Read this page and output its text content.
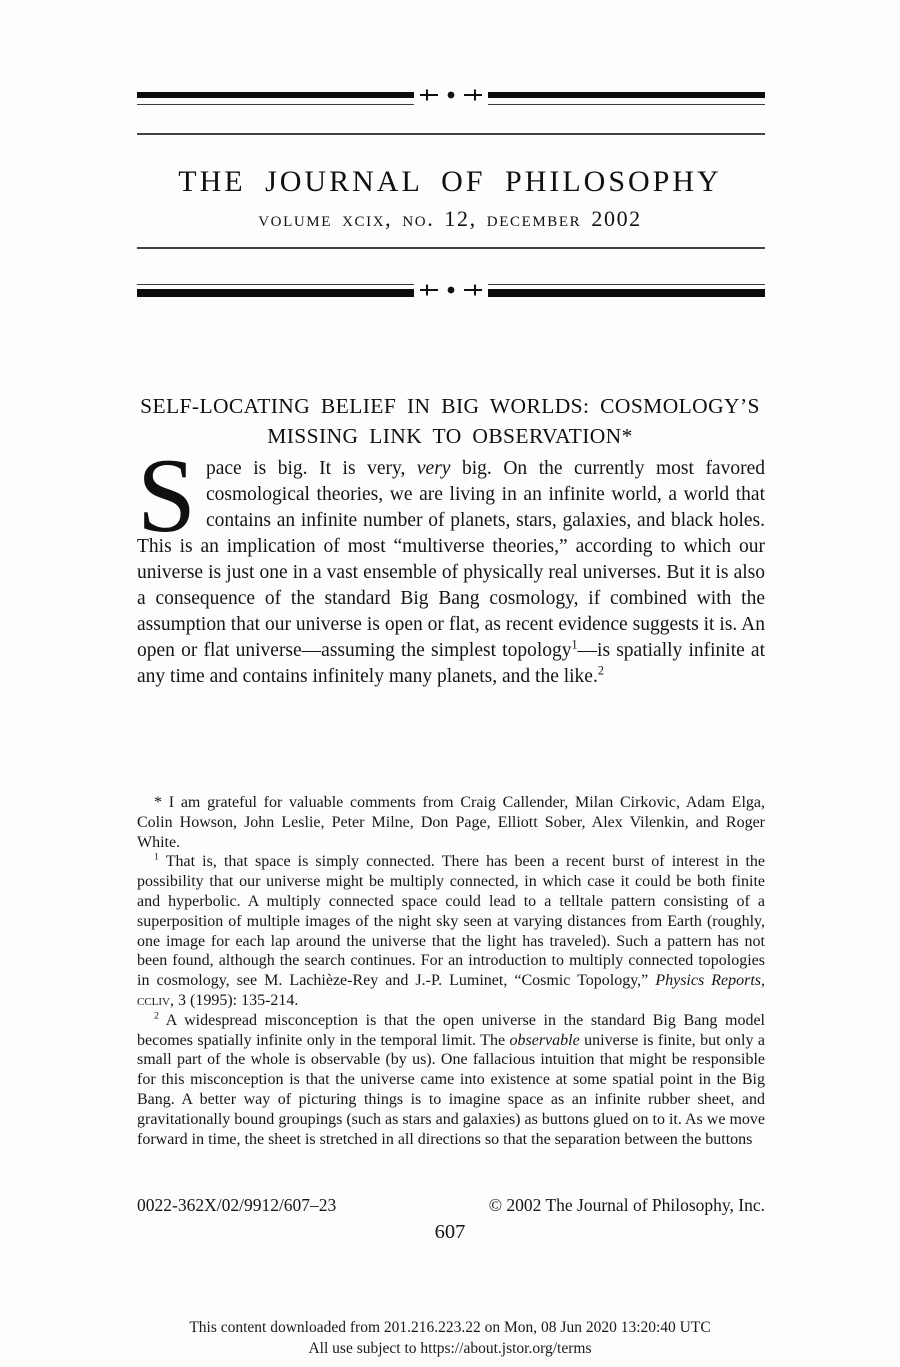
THE JOURNAL OF PHILOSOPHY
volume xcix, no. 12, december 2002
SELF-LOCATING BELIEF IN BIG WORLDS: COSMOLOGY’S
MISSING LINK TO OBSERVATION*
Space is big. It is very, very big. On the currently most favored cosmological theories, we are living in an infinite world, a world that contains an infinite number of planets, stars, galaxies, and black holes. This is an implication of most “multiverse theories,” according to which our universe is just one in a vast ensemble of physically real universes. But it is also a consequence of the standard Big Bang cosmology, if combined with the assumption that our universe is open or flat, as recent evidence suggests it is. An open or flat universe—assuming the simplest topology$^1$—is spatially infinite at any time and contains infinitely many planets, and the like.$^2$

* I am grateful for valuable comments from Craig Callender, Milan Cirkovic, Adam Elga, Colin Howson, John Leslie, Peter Milne, Don Page, Elliott Sober, Alex Vilenkin, and Roger White.

$^1$ That is, that space is simply connected. There has been a recent burst of interest in the possibility that our universe might be multiply connected, in which case it could be both finite and hyperbolic. A multiply connected space could lead to a telltale pattern consisting of a superposition of multiple images of the night sky seen at varying distances from Earth (roughly, one image for each lap around the universe that the light has traveled). Such a pattern has not been found, although the search continues. For an introduction to multiply connected topologies in cosmology, see M. Lachièze-Rey and J.-P. Luminet, “Cosmic Topology,” Physics Reports, ccliv, 3 (1995): 135-214.

$^2$ A widespread misconception is that the open universe in the standard Big Bang model becomes spatially infinite only in the temporal limit. The observable universe is finite, but only a small part of the whole is observable (by us). One fallacious intuition that might be responsible for this misconception is that the universe came into existence at some spatial point in the Big Bang. A better way of picturing things is to imagine space as an infinite rubber sheet, and gravitationally bound groupings (such as stars and galaxies) as buttons glued on to it. As we move forward in time, the sheet is stretched in all directions so that the separation between the buttons

0022-362X/02/9912/607–23	© 2002 The Journal of Philosophy, Inc.
607
This content downloaded from 201.216.223.22 on Mon, 08 Jun 2020 13:20:40 UTC
All use subject to https://about.jstor.org/terms
